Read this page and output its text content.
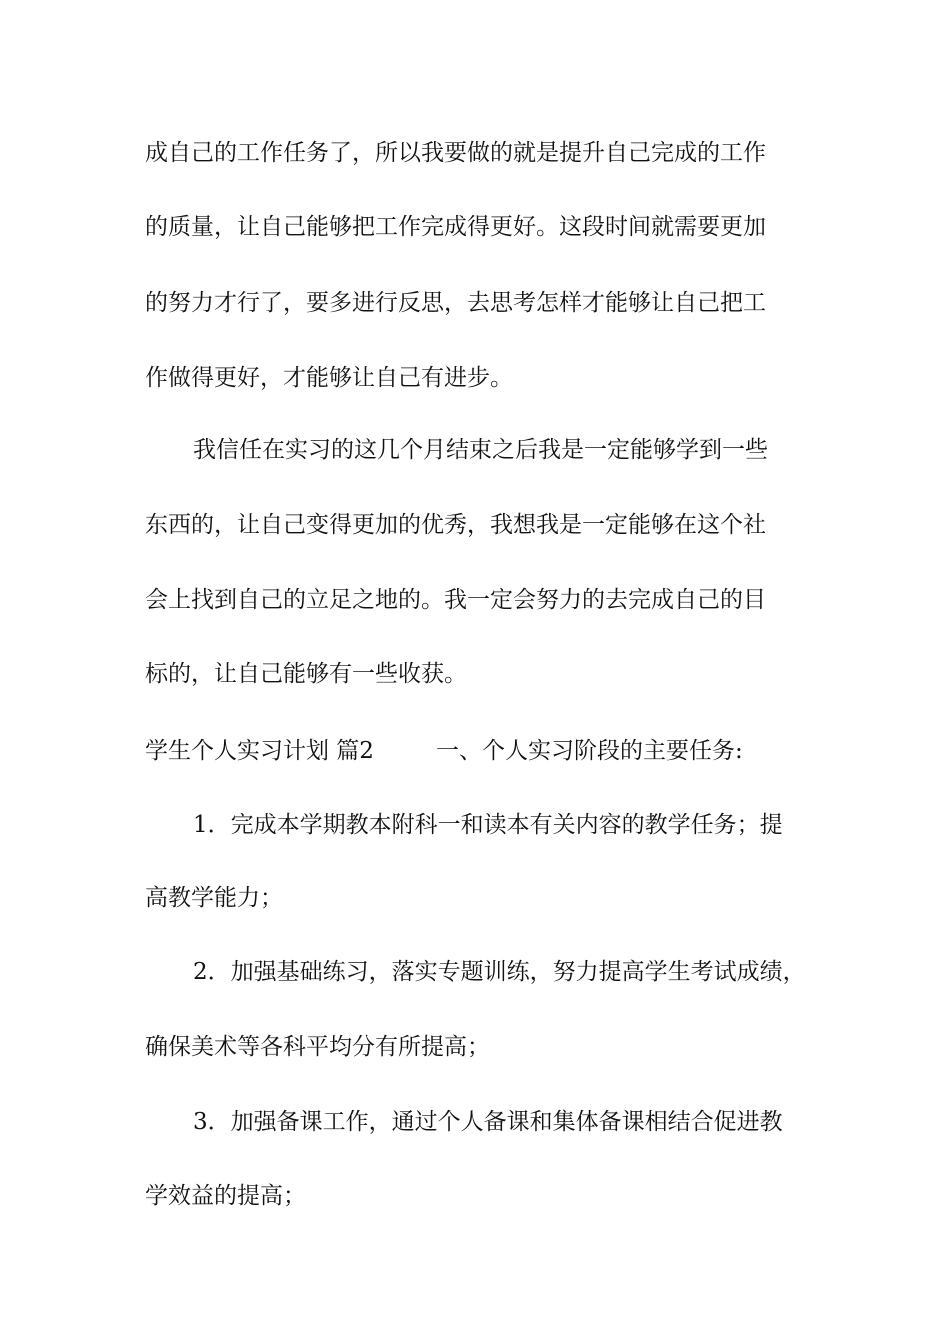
成自己的工作任务了，所以我要做的就是提升自己完成的工作
的质量，让自己能够把工作完成得更好。这段时间就需要更加
的努力才行了，要多进行反思，去思考怎样才能够让自己把工
作做得更好，才能够让自己有进步。
我信任在实习的这几个月结束之后我是一定能够学到一些
东西的，让自己变得更加的优秀，我想我是一定能够在这个社
会上找到自己的立足之地的。我一定会努力的去完成自己的目
标的，让自己能够有一些收获。
学生个人实习计划 篇2	一、个人实习阶段的主要任务:
1．完成本学期教本附科一和读本有关内容的教学任务；提
高教学能力；
2．加强基础练习，落实专题训练，努力提高学生考试成绩，
确保美术等各科平均分有所提高；
3．加强备课工作，通过个人备课和集体备课相结合促进教
学效益的提高；
